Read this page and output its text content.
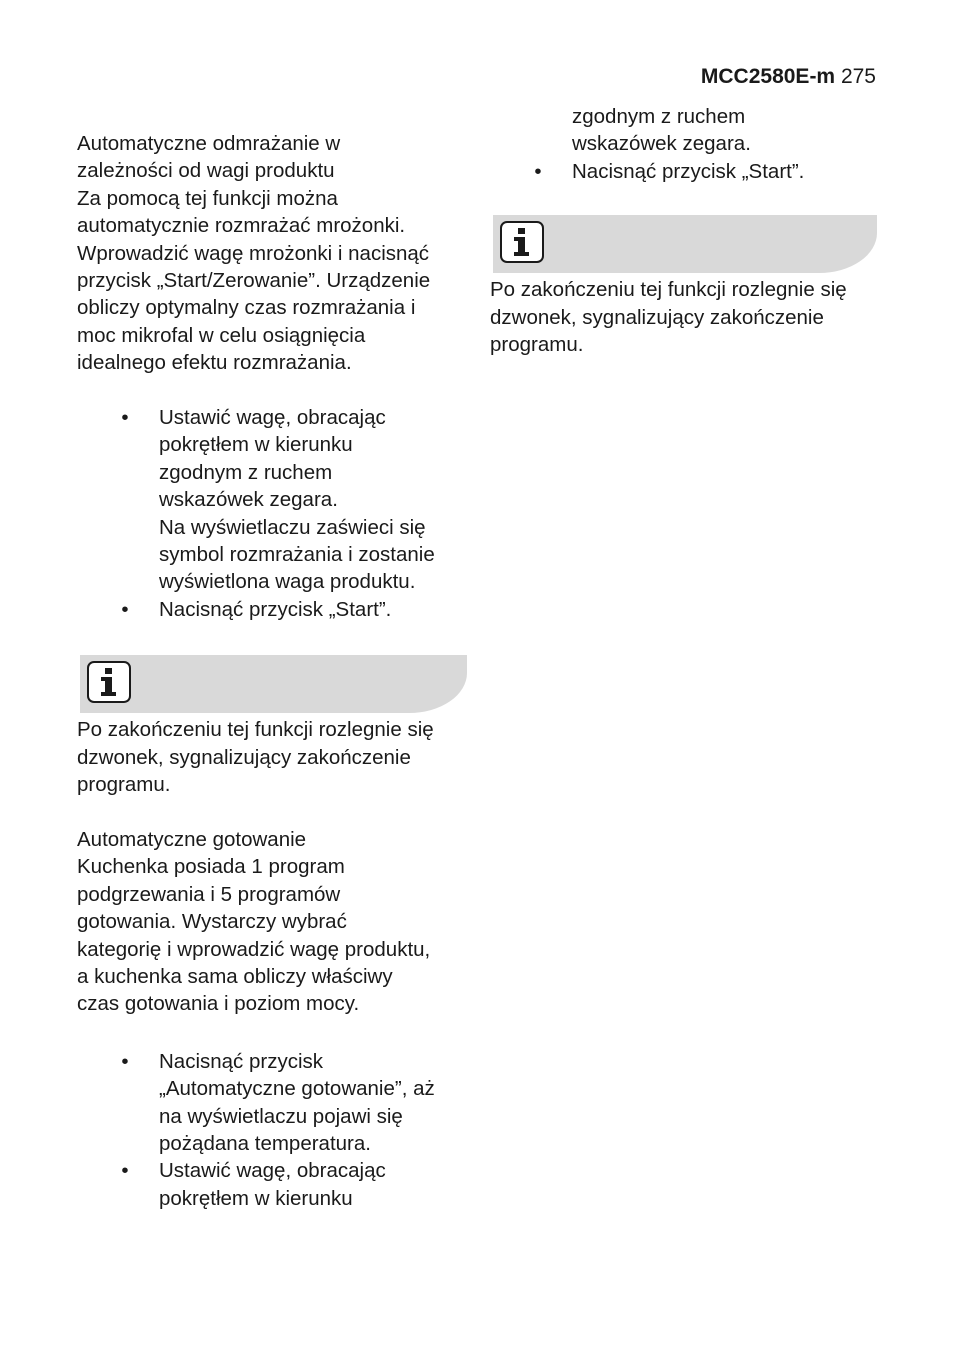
MCC2580E-m 275
Automatyczne odmrażanie w
zależności od wagi produktu

Za pomocą tej funkcji można
automatycznie rozmrażać mrożonki.
Wprowadzić wagę mrożonki i nacisnąć
przycisk „Start/Zerowanie”. Urządzenie
obliczy optymalny czas rozmrażania i
moc mikrofal w celu osiągnięcia
idealnego efektu rozmrażania.

• Ustawić wagę, obracając
pokrętłem w kierunku
zgodnym z ruchem
wskazówek zegara.
Na wyświetlaczu zaświeci się
symbol rozmrażania i zostanie
wyświetlona waga produktu.
• Nacisnąć przycisk „Start”.

Po zakończeniu tej funkcji rozlegnie się
dzwonek, sygnalizujący zakończenie
programu.

Automatyczne gotowanie

Kuchenka posiada 1 program
podgrzewania i 5 programów
gotowania. Wystarczy wybrać
kategorię i wprowadzić wagę produktu,
a kuchenka sama obliczy właściwy
czas gotowania i poziom mocy.

• Nacisnąć przycisk
„Automatyczne gotowanie”, aż
na wyświetlaczu pojawi się
pożądana temperatura.
• Ustawić wagę, obracając
pokrętłem w kierunku

zgodnym z ruchem
wskazówek zegara.

• Nacisnąć przycisk „Start”.

Po zakończeniu tej funkcji rozlegnie się
dzwonek, sygnalizujący zakończenie
programu.
